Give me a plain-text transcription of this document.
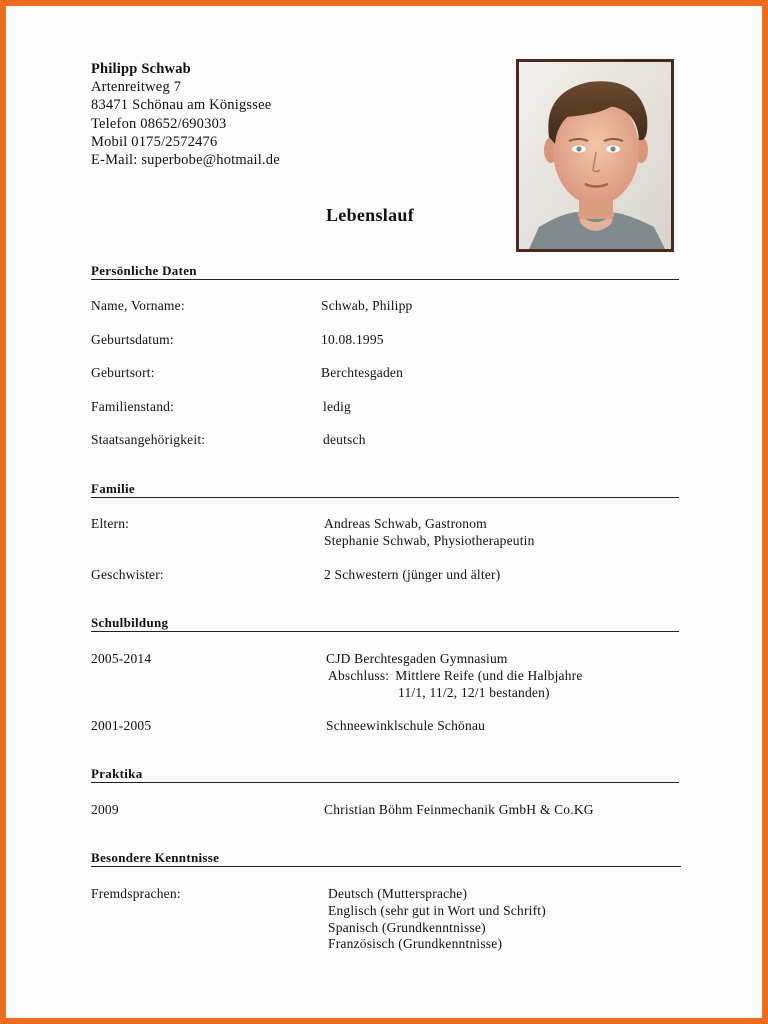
Philipp Schwab
Artenreitweg 7
83471 Schönau am Königssee
Telefon 08652/690303
Mobil 0175/2572476
E-Mail: superbobe@hotmail.de
Lebenslauf
Persönliche Daten
Name, Vorname:	Schwab, Philipp
Geburtsdatum:	10.08.1995
Geburtsort:	Berchtesgaden
Familienstand:	ledig
Staatsangehörigkeit:	deutsch
Familie
Eltern:	Andreas Schwab, Gastronom
Stephanie Schwab, Physiotherapeutin
Geschwister:	2 Schwestern (jünger und älter)
Schulbildung
2005-2014	CJD Berchtesgaden Gymnasium
Abschluss: Mittlere Reife (und die Halbjahre
11/1, 11/2, 12/1 bestanden)
2001-2005	Schneewinklschule Schönau
Praktika
2009	Christian Böhm Feinmechanik GmbH & Co.KG
Besondere Kenntnisse
Fremdsprachen:	Deutsch (Muttersprache)
Englisch (sehr gut in Wort und Schrift)
Spanisch (Grundkenntnisse)
Französisch (Grundkenntnisse)
